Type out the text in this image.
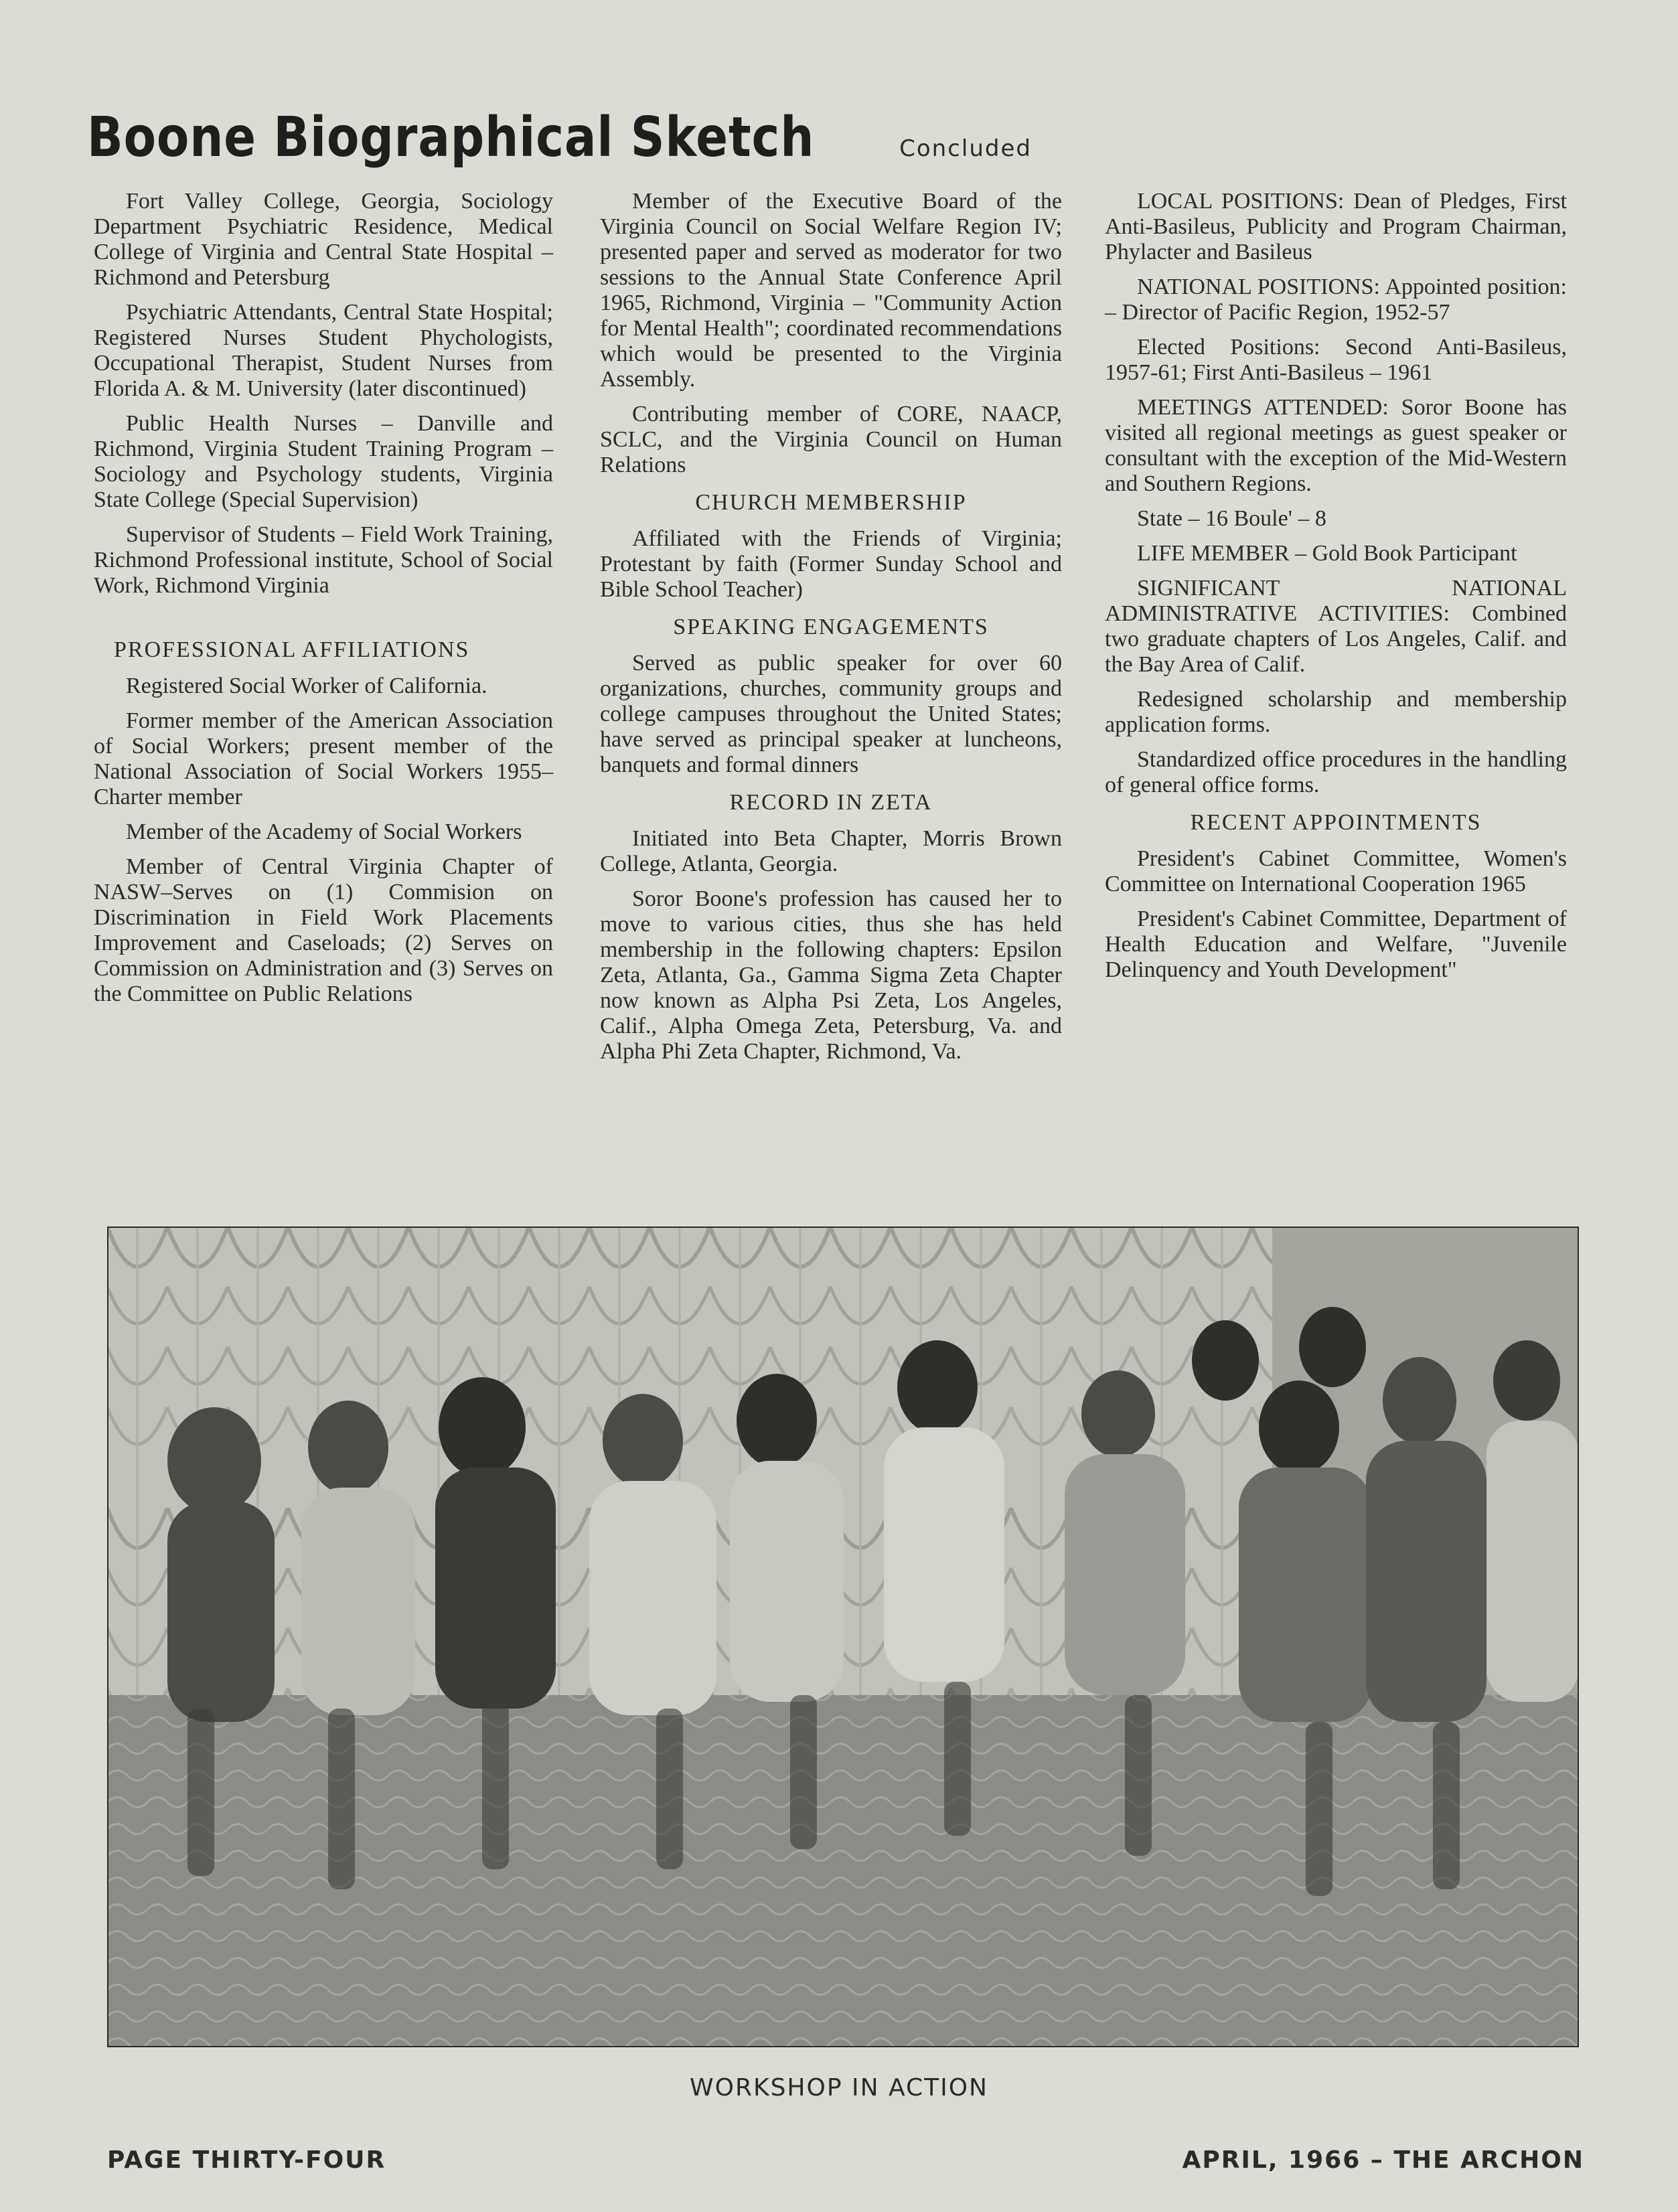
Boone Biographical Sketch	Concluded

Fort Valley College, Georgia, Sociology Department Psychiatric Residence, Medical College of Virginia and Central State Hospital – Richmond and Petersburg

Psychiatric Attendants, Central State Hospital; Registered Nurses Student Phychologists, Occupational Therapist, Student Nurses from Florida A. & M. University (later discontinued)

Public Health Nurses – Danville and Richmond, Virginia Student Training Program – Sociology and Psychology students, Virginia State College (Special Supervision)

Supervisor of Students – Field Work Training, Richmond Professional institute, School of Social Work, Richmond Virginia

PROFESSIONAL AFFILIATIONS

Registered Social Worker of California.

Former member of the American Association of Social Workers; present member of the National Association of Social Workers 1955–Charter member

Member of the Academy of Social Workers

Member of Central Virginia Chapter of NASW–Serves on (1) Commision on Discrimination in Field Work Placements Improvement and Caseloads; (2) Serves on Commission on Administration and (3) Serves on the Committee on Public Relations

Member of the Executive Board of the Virginia Council on Social Welfare Region IV; presented paper and served as moderator for two sessions to the Annual State Conference April 1965, Richmond, Virginia – "Community Action for Mental Health"; coordinated recommendations which would be presented to the Virginia Assembly.

Contributing member of CORE, NAACP, SCLC, and the Virginia Council on Human Relations

CHURCH MEMBERSHIP

Affiliated with the Friends of Virginia; Protestant by faith (Former Sunday School and Bible School Teacher)

SPEAKING ENGAGEMENTS

Served as public speaker for over 60 organizations, churches, community groups and college campuses throughout the United States; have served as principal speaker at luncheons, banquets and formal dinners

RECORD IN ZETA

Initiated into Beta Chapter, Morris Brown College, Atlanta, Georgia.

Soror Boone's profession has caused her to move to various cities, thus she has held membership in the following chapters: Epsilon Zeta, Atlanta, Ga., Gamma Sigma Zeta Chapter now known as Alpha Psi Zeta, Los Angeles, Calif., Alpha Omega Zeta, Petersburg, Va. and Alpha Phi Zeta Chapter, Richmond, Va.

LOCAL POSITIONS: Dean of Pledges, First Anti-Basileus, Publicity and Program Chairman, Phylacter and Basileus

NATIONAL POSITIONS: Appointed position: – Director of Pacific Region, 1952-57

Elected Positions: Second Anti-Basileus, 1957-61; First Anti-Basileus – 1961

MEETINGS ATTENDED: Soror Boone has visited all regional meetings as guest speaker or consultant with the exception of the Mid-Western and Southern Regions.

State – 16 Boule' – 8

LIFE MEMBER – Gold Book Participant

SIGNIFICANT NATIONAL ADMINISTRATIVE ACTIVITIES: Combined two graduate chapters of Los Angeles, Calif. and the Bay Area of Calif.

Redesigned scholarship and membership application forms.

Standardized office procedures in the handling of general office forms.

RECENT APPOINTMENTS

President's Cabinet Committee, Women's Committee on International Cooperation 1965

President's Cabinet Committee, Department of Health Education and Welfare, "Juvenile Delinquency and Youth Development"

WORKSHOP IN ACTION
PAGE THIRTY-FOUR	APRIL, 1966 – THE ARCHON
